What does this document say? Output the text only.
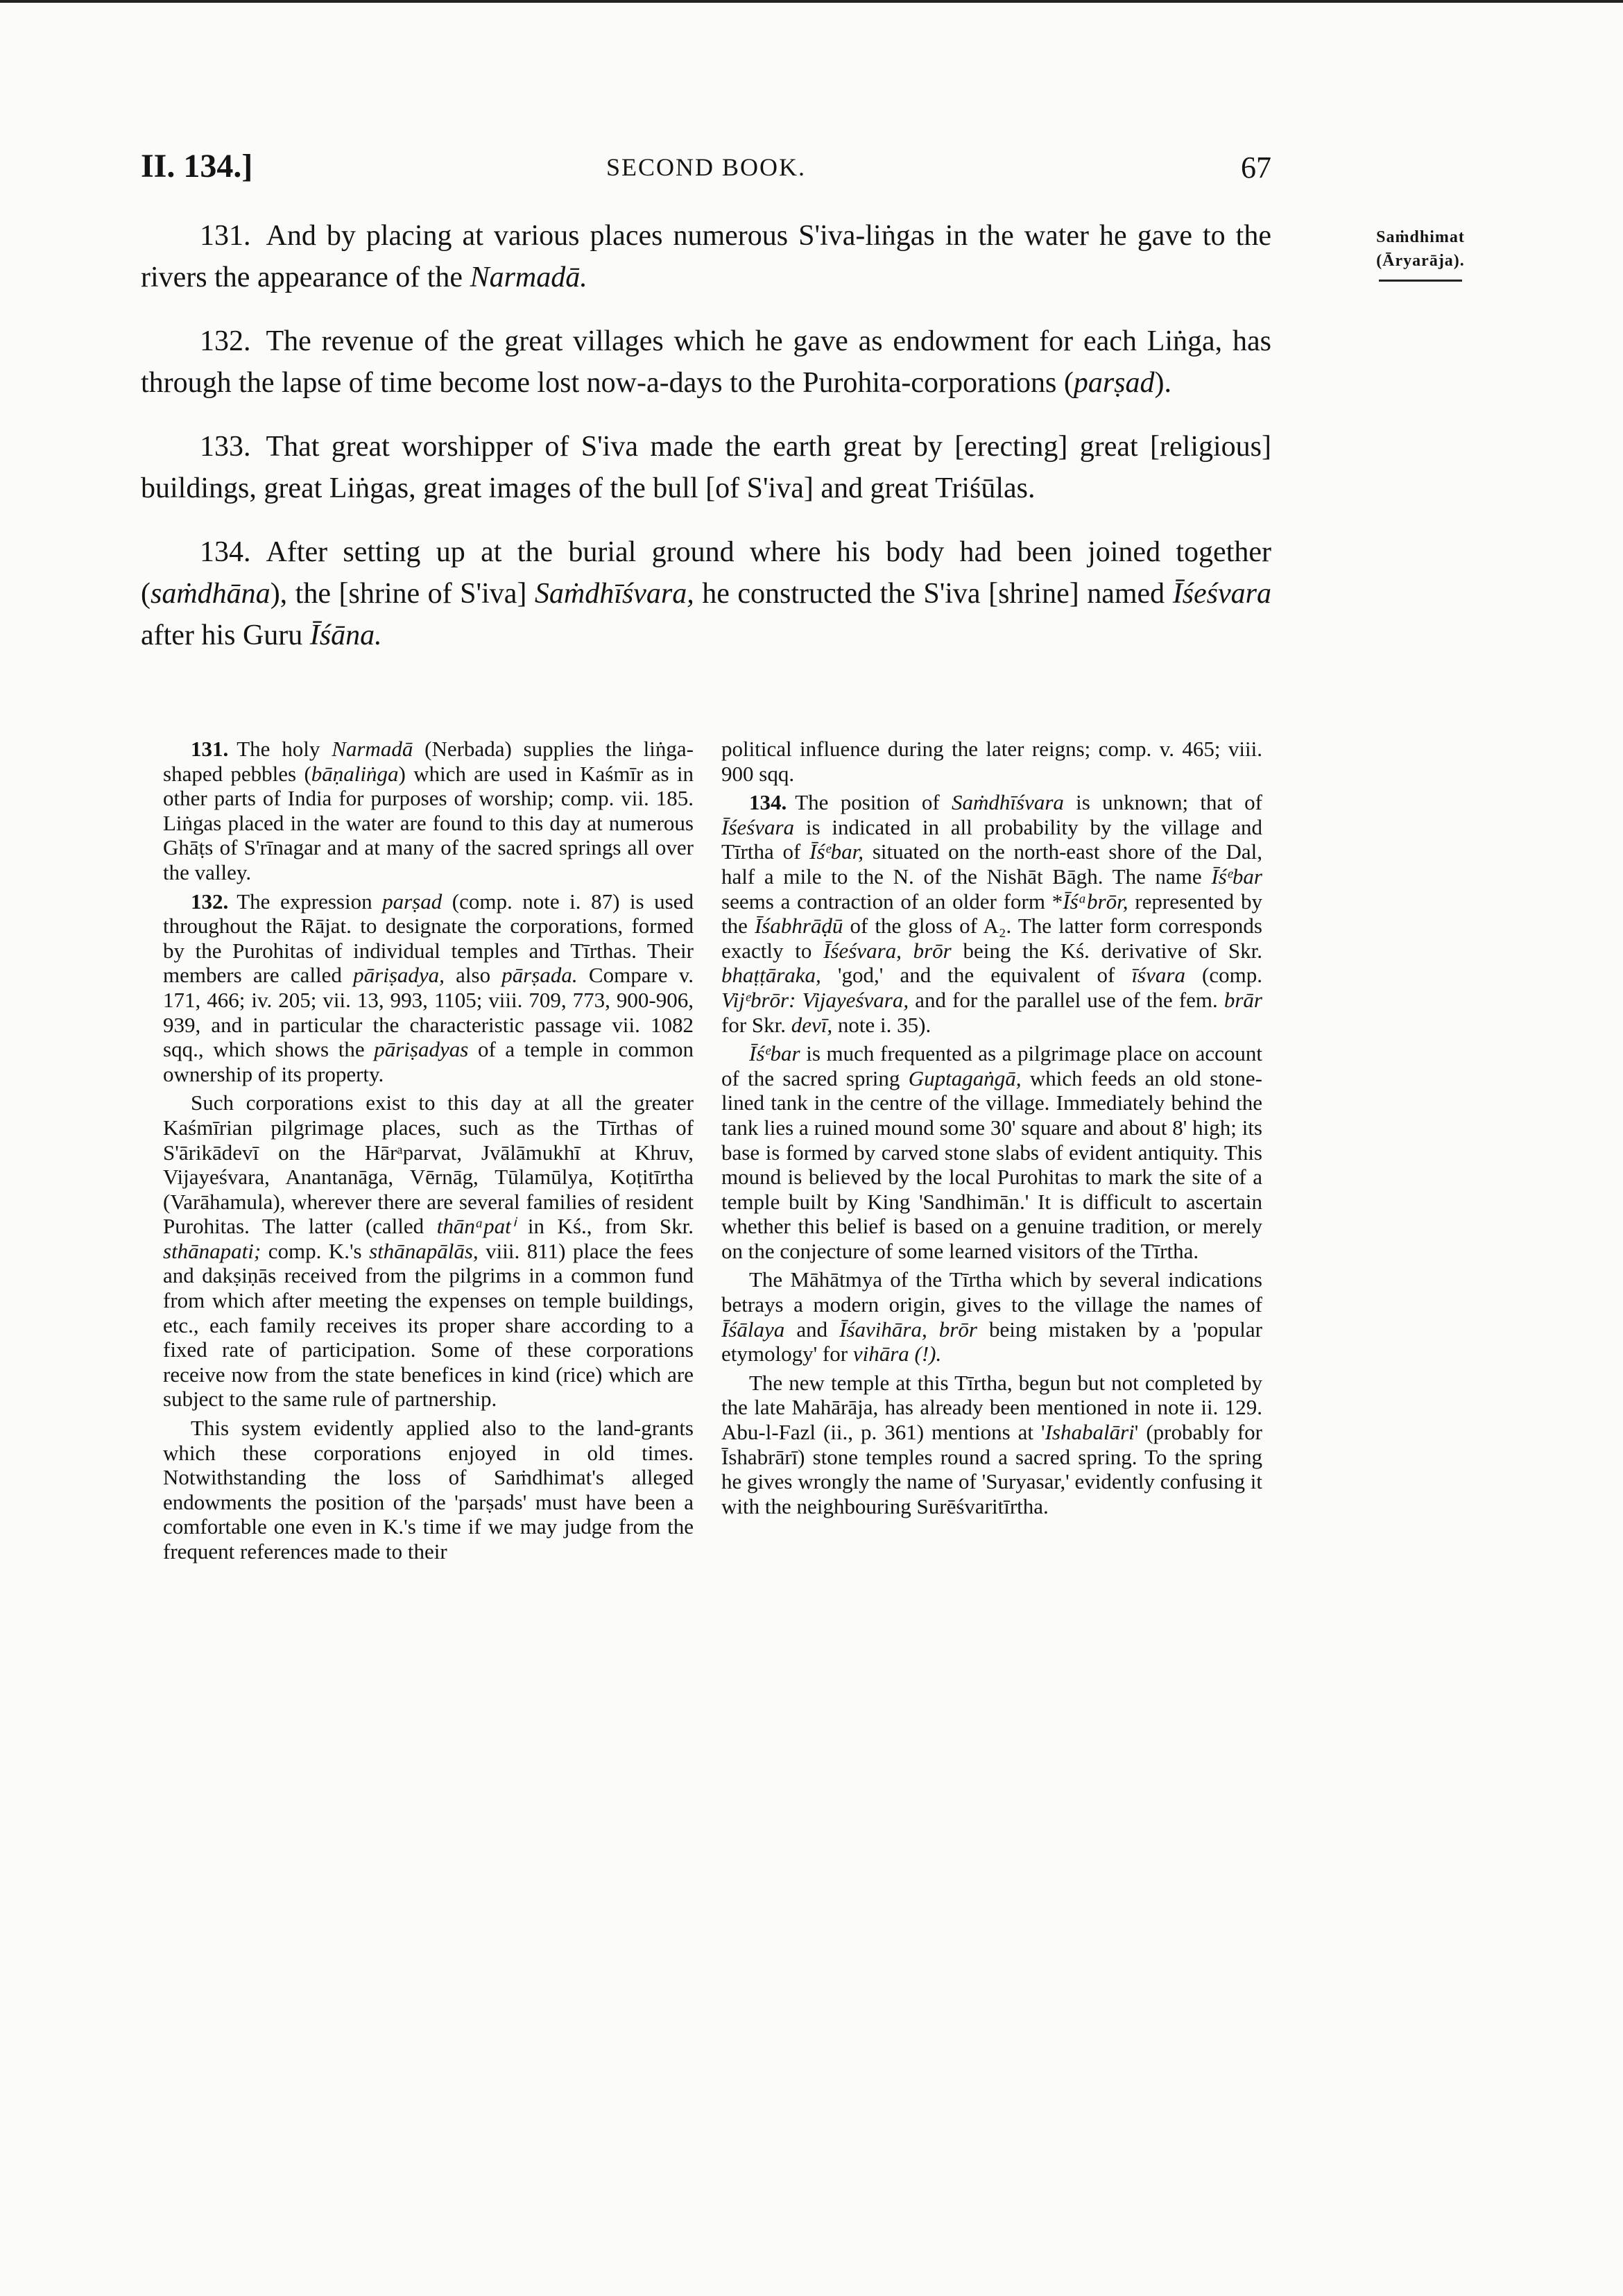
II. 134.]	SECOND BOOK.	67
Saṁdhimat
(Āryarāja).

131. And by placing at various places numerous S'iva-liṅgas in the water he gave to the rivers the appearance of the Narmadā.

132. The revenue of the great villages which he gave as endowment for each Liṅga, has through the lapse of time become lost now-a-days to the Purohita-corporations (parṣad).

133. That great worshipper of S'iva made the earth great by [erecting] great [religious] buildings, great Liṅgas, great images of the bull [of S'iva] and great Triśūlas.

134. After setting up at the burial ground where his body had been joined together (saṁdhāna), the [shrine of S'iva] Saṁdhīśvara, he constructed the S'iva [shrine] named Īśeśvara after his Guru Īśāna.

131. The holy Narmadā (Nerbada) supplies the liṅga-shaped pebbles (bāṇaliṅga) which are used in Kaśmīr as in other parts of India for purposes of worship; comp. vii. 185. Liṅgas placed in the water are found to this day at numerous Ghāṭs of S'rīnagar and at many of the sacred springs all over the valley.

132. The expression parṣad (comp. note i. 87) is used throughout the Rājat. to designate the corporations, formed by the Purohitas of individual temples and Tīrthas. Their members are called pāriṣadya, also pārṣada. Compare v. 171, 466; iv. 205; vii. 13, 993, 1105; viii. 709, 773, 900-906, 939, and in particular the characteristic passage vii. 1082 sqq., which shows the pāriṣadyas of a temple in common ownership of its property.

Such corporations exist to this day at all the greater Kaśmīrian pilgrimage places, such as the Tīrthas of S'ārikādevī on the Hārᵃparvat, Jvālāmukhī at Khruv, Vijayeśvara, Anantanāga, Vērnāg, Tūlamūlya, Koṭitīrtha (Varāhamula), wherever there are several families of resident Purohitas. The latter (called thānᵃpatⁱ in Kś., from Skr. sthānapati; comp. K.'s sthānapālās, viii. 811) place the fees and dakṣiṇās received from the pilgrims in a common fund from which after meeting the expenses on temple buildings, etc., each family receives its proper share according to a fixed rate of participation. Some of these corporations receive now from the state benefices in kind (rice) which are subject to the same rule of partnership.

This system evidently applied also to the land-grants which these corporations enjoyed in old times. Notwithstanding the loss of Saṁdhimat's alleged endowments the position of the 'parṣads' must have been a comfortable one even in K.'s time if we may judge from the frequent references made to their

political influence during the later reigns; comp. v. 465; viii. 900 sqq.

134. The position of Saṁdhīśvara is unknown; that of Īśeśvara is indicated in all probability by the village and Tīrtha of Īśᵉbar, situated on the north-east shore of the Dal, half a mile to the N. of the Nishāt Bāgh. The name Īśᵉbar seems a contraction of an older form *Īśᵃbrōr, represented by the Īśabhrāḍū of the gloss of A₂. The latter form corresponds exactly to Īśeśvara, brōr being the Kś. derivative of Skr. bhaṭṭāraka, 'god,' and the equivalent of īśvara (comp. Vijᵉbrōr: Vijayeśvara, and for the parallel use of the fem. brār for Skr. devī, note i. 35).

Īśᵉbar is much frequented as a pilgrimage place on account of the sacred spring Guptagaṅgā, which feeds an old stone-lined tank in the centre of the village. Immediately behind the tank lies a ruined mound some 30' square and about 8' high; its base is formed by carved stone slabs of evident antiquity. This mound is believed by the local Purohitas to mark the site of a temple built by King 'Sandhimān.' It is difficult to ascertain whether this belief is based on a genuine tradition, or merely on the conjecture of some learned visitors of the Tīrtha.

The Māhātmya of the Tīrtha which by several indications betrays a modern origin, gives to the village the names of Īśālaya and Īśavihāra, brōr being mistaken by a 'popular etymology' for vihāra (!).

The new temple at this Tīrtha, begun but not completed by the late Mahārāja, has already been mentioned in note ii. 129. Abu-l-Fazl (ii., p. 361) mentions at 'Ishabalāri' (probably for Īshabrārī) stone temples round a sacred spring. To the spring he gives wrongly the name of 'Suryasar,' evidently confusing it with the neighbouring Surēśvaritīrtha.
